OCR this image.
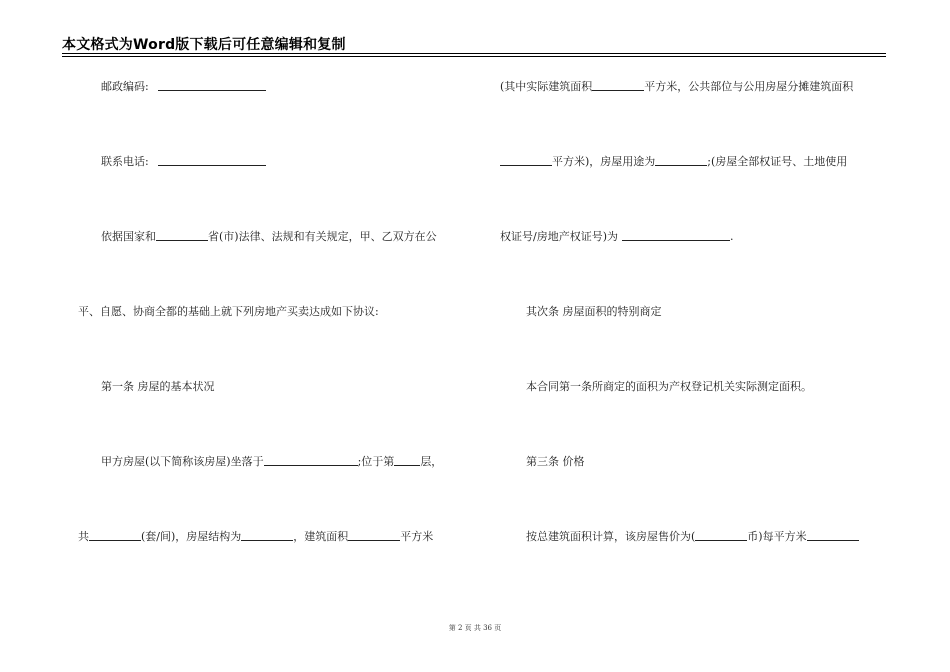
本文格式为Word版下载后可任意编辑和复制
邮政编码:
联系电话:
依据国家和	省(市)法律、法规和有关规定，甲、乙双方在公
平、自愿、协商全都的基础上就下列房地产买卖达成如下协议:
第一条 房屋的基本状况
甲方房屋(以下简称该房屋)坐落于	;位于第 层，
共	(套/间)，房屋结构为	，建筑面积	平方米
(其中实际建筑面积	平方米，公共部位与公用房屋分摊建筑面积
平方米)，房屋用途为	;(房屋全部权证号、土地使用
权证号/房地产权证号)为	.
其次条 房屋面积的特别商定
本合同第一条所商定的面积为产权登记机关实际测定面积。
第三条 价格
按总建筑面积计算，该房屋售价为(	币)每平方米
第 2 页 共 36 页
